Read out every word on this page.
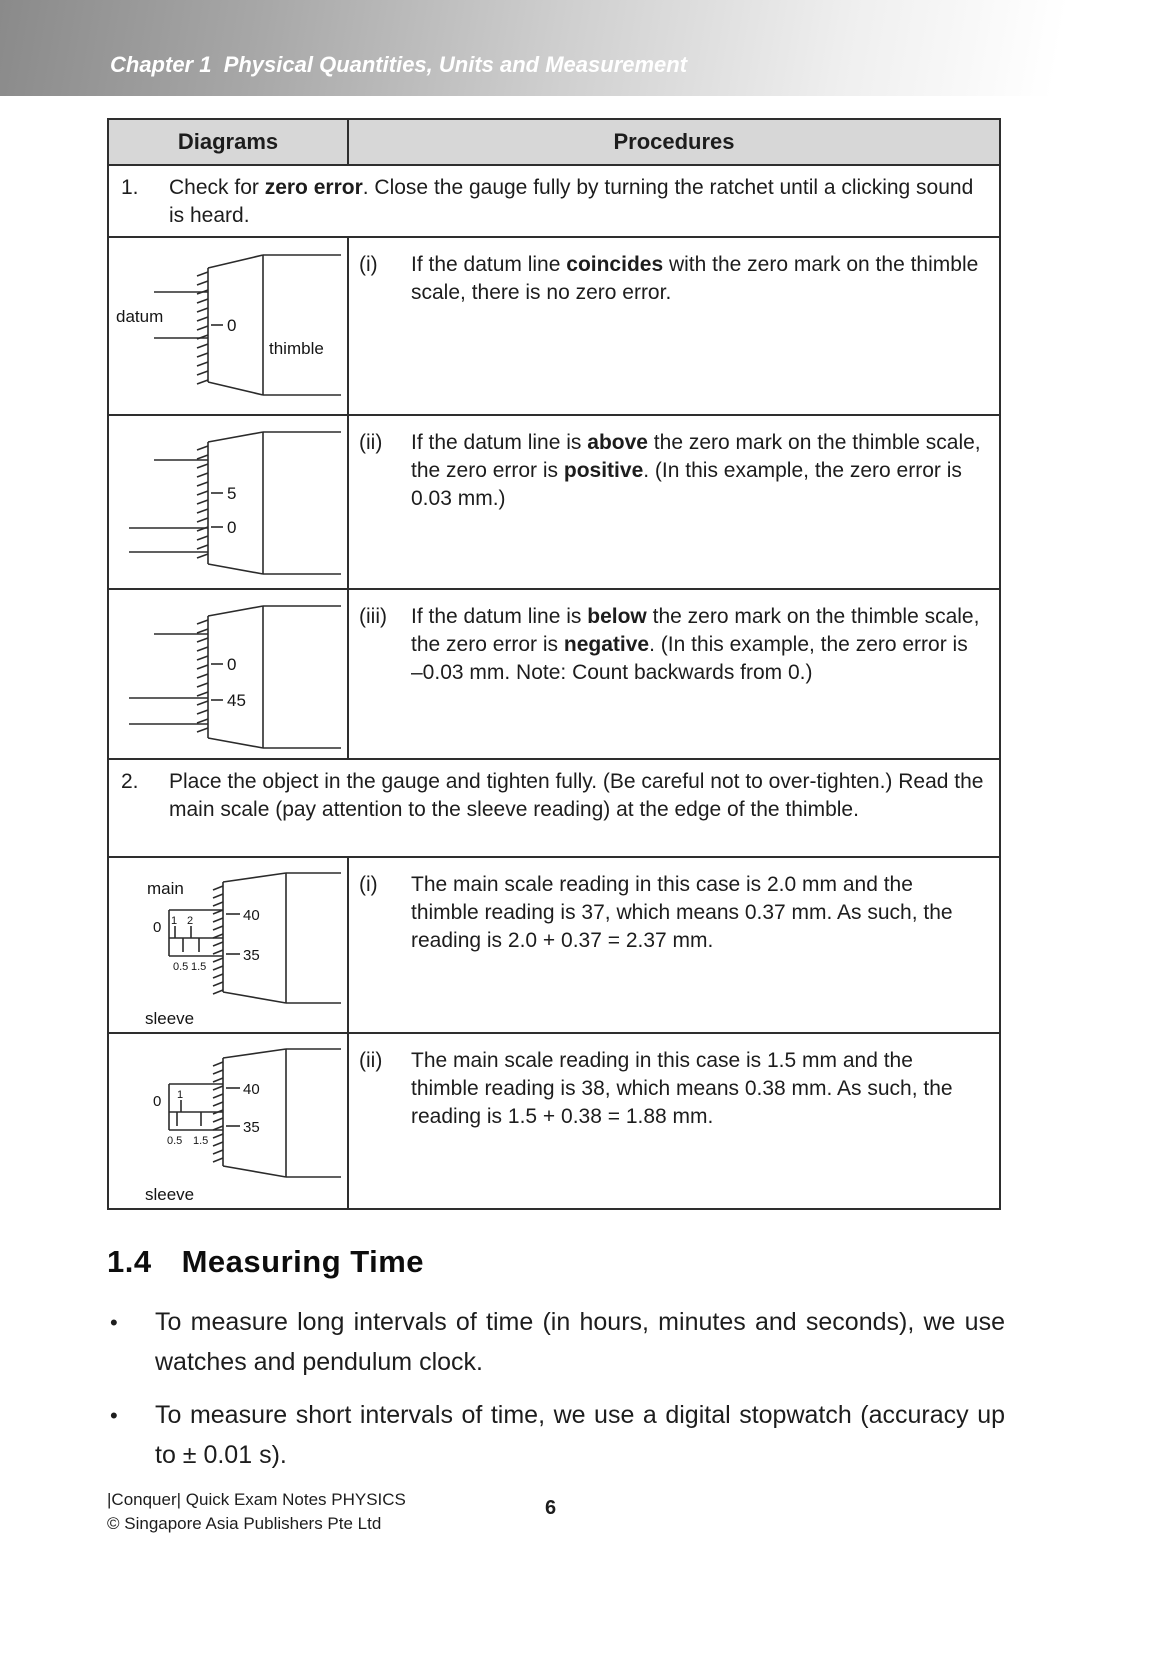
Chapter 1  Physical Quantities, Units and Measurement
Diagrams	Procedures

1. Check for zero error. Close the gauge fully by turning the ratchet until a clicking sound is heard.	

datum 0
thimble	(i) If the datum line coincides with the zero mark on the thimble scale, there is no zero error.

5
0	(ii) If the datum line is above the zero mark on the thimble scale, the zero error is positive. (In this example, the zero error is 0.03 mm.)

0
45	(iii) If the datum line is below the zero mark on the thimble scale, the zero error is negative. (In this example, the zero error is –0.03 mm. Note: Count backwards from 0.)

2. Place the object in the gauge and tighten fully. (Be careful not to over-tighten.) Read the main scale (pay attention to the sleeve reading) at the edge of the thimble.	

main
0 1 2
0.5 1.5
40
35
sleeve

(i)	The main scale reading in this case is 2.0 mm and the thimble reading is 37, which means 0.37 mm. As such, the reading is 2.0 + 0.37 = 2.37 mm.

0 1
0.5 1.5
40
35
sleeve

(ii)	The main scale reading in this case is 1.5 mm and the thimble reading is 38, which means 0.38 mm. As such, the reading is 1.5 + 0.38 = 1.88 mm.
1.4 Measuring Time
•	To measure long intervals of time (in hours, minutes and seconds), we use watches and pendulum clock.
•	To measure short intervals of time, we use a digital stopwatch (accuracy up to ± 0.01 s).
|Conquer| Quick Exam Notes PHYSICS
© Singapore Asia Publishers Pte Ltd
6
